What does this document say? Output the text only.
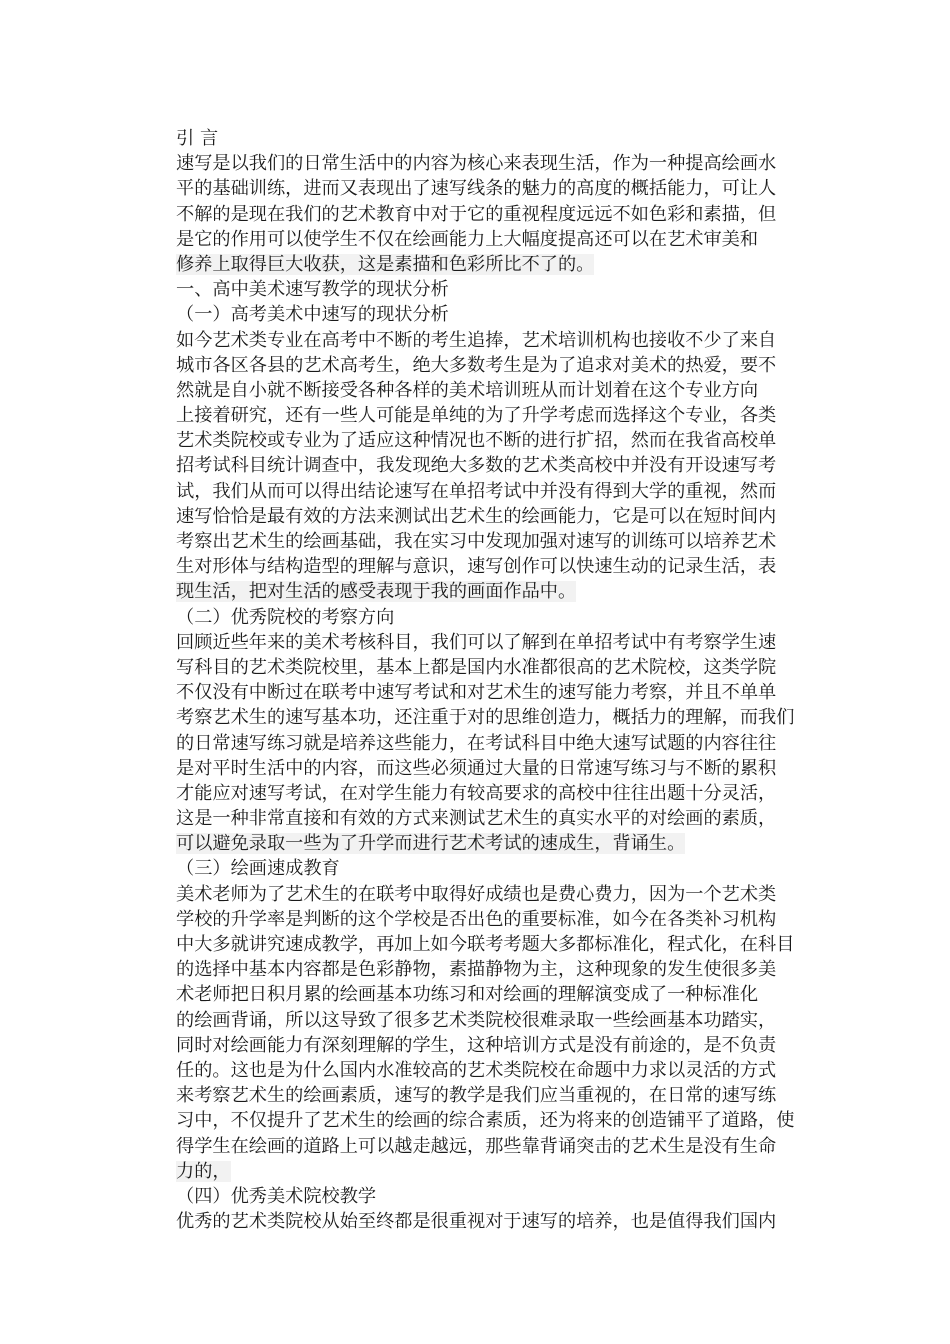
引 言
速写是以我们的日常生活中的内容为核心来表现生活，作为一种提高绘画水
平的基础训练，进而又表现出了速写线条的魅力的高度的概括能力，可让人
不解的是现在我们的艺术教育中对于它的重视程度远远不如色彩和素描，但
是它的作用可以使学生不仅在绘画能力上大幅度提高还可以在艺术审美和
修养上取得巨大收获，这是素描和色彩所比不了的。
一、高中美术速写教学的现状分析
（一）高考美术中速写的现状分析
如今艺术类专业在高考中不断的考生追捧，艺术培训机构也接收不少了来自
城市各区各县的艺术高考生，绝大多数考生是为了追求对美术的热爱，要不
然就是自小就不断接受各种各样的美术培训班从而计划着在这个专业方向
上接着研究，还有一些人可能是单纯的为了升学考虑而选择这个专业，各类
艺术类院校或专业为了适应这种情况也不断的进行扩招，然而在我省高校单
招考试科目统计调查中，我发现绝大多数的艺术类高校中并没有开设速写考
试，我们从而可以得出结论速写在单招考试中并没有得到大学的重视，然而
速写恰恰是最有效的方法来测试出艺术生的绘画能力，它是可以在短时间内
考察出艺术生的绘画基础，我在实习中发现加强对速写的训练可以培养艺术
生对形体与结构造型的理解与意识，速写创作可以快速生动的记录生活，表
现生活，把对生活的感受表现于我的画面作品中。
（二）优秀院校的考察方向
回顾近些年来的美术考核科目，我们可以了解到在单招考试中有考察学生速
写科目的艺术类院校里，基本上都是国内水准都很高的艺术院校，这类学院
不仅没有中断过在联考中速写考试和对艺术生的速写能力考察，并且不单单
考察艺术生的速写基本功，还注重于对的思维创造力，概括力的理解，而我们
的日常速写练习就是培养这些能力，在考试科目中绝大速写试题的内容往往
是对平时生活中的内容，而这些必须通过大量的日常速写练习与不断的累积
才能应对速写考试，在对学生能力有较高要求的高校中往往出题十分灵活，
这是一种非常直接和有效的方式来测试艺术生的真实水平的对绘画的素质，
可以避免录取一些为了升学而进行艺术考试的速成生，背诵生。
（三）绘画速成教育
美术老师为了艺术生的在联考中取得好成绩也是费心费力，因为一个艺术类
学校的升学率是判断的这个学校是否出色的重要标准，如今在各类补习机构
中大多就讲究速成教学，再加上如今联考考题大多都标准化，程式化，在科目
的选择中基本内容都是色彩静物，素描静物为主，这种现象的发生使很多美
术老师把日积月累的绘画基本功练习和对绘画的理解演变成了一种标准化
的绘画背诵，所以这导致了很多艺术类院校很难录取一些绘画基本功踏实，
同时对绘画能力有深刻理解的学生，这种培训方式是没有前途的，是不负责
任的。这也是为什么国内水准较高的艺术类院校在命题中力求以灵活的方式
来考察艺术生的绘画素质，速写的教学是我们应当重视的，在日常的速写练
习中，不仅提升了艺术生的绘画的综合素质，还为将来的创造铺平了道路，使
得学生在绘画的道路上可以越走越远，那些靠背诵突击的艺术生是没有生命
力的，
（四）优秀美术院校教学
优秀的艺术类院校从始至终都是很重视对于速写的培养，也是值得我们国内
